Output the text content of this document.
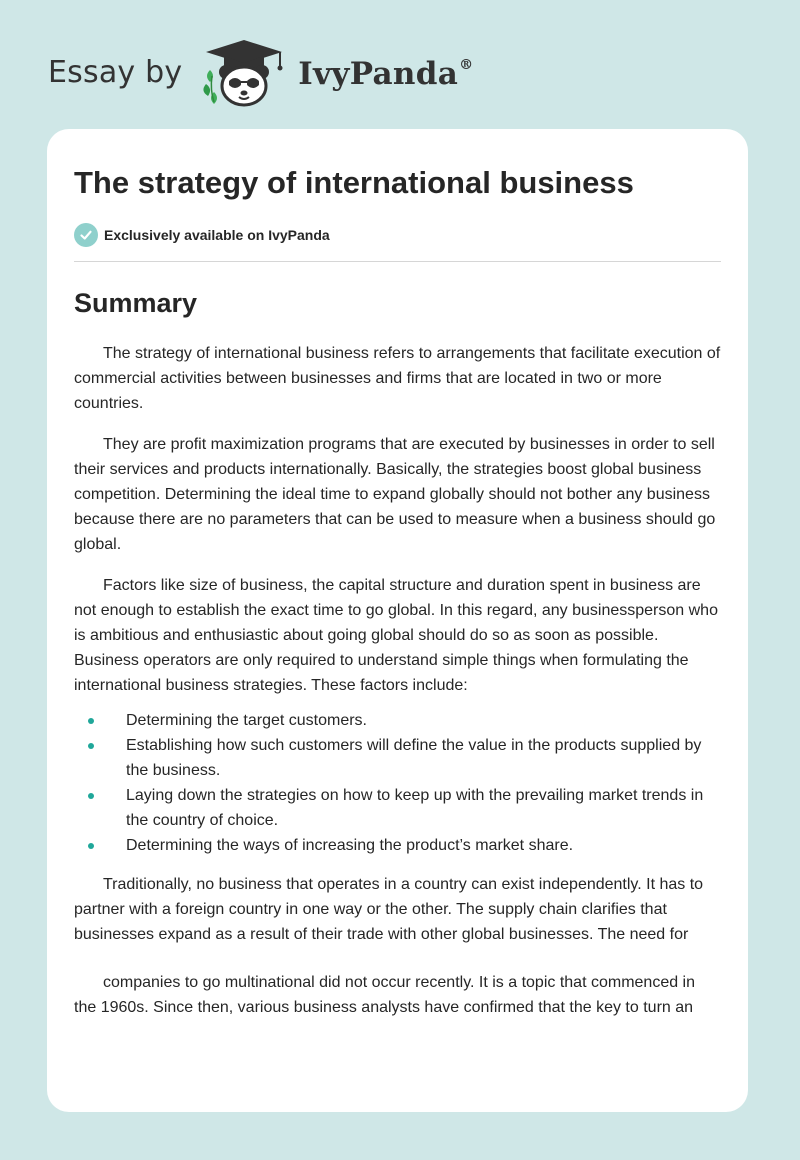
Essay by	IvyPanda®
The strategy of international business
Exclusively available on IvyPanda
Summary

The strategy of international business refers to arrangements that facilitate execution of commercial activities between businesses and firms that are located in two or more countries.

They are profit maximization programs that are executed by businesses in order to sell their services and products internationally. Basically, the strategies boost global business competition. Determining the ideal time to expand globally should not bother any business because there are no parameters that can be used to measure when a business should go global.

Factors like size of business, the capital structure and duration spent in business are not enough to establish the exact time to go global. In this regard, any businessperson who is ambitious and enthusiastic about going global should do so as soon as possible. Business operators are only required to understand simple things when formulating the international business strategies. These factors include:

Determining the target customers.
Establishing how such customers will define the value in the products supplied by the business.
Laying down the strategies on how to keep up with the prevailing market trends in the country of choice.
Determining the ways of increasing the product’s market share.

Traditionally, no business that operates in a country can exist independently. It has to partner with a foreign country in one way or the other. The supply chain clarifies that businesses expand as a result of their trade with other global businesses. The need for

companies to go multinational did not occur recently. It is a topic that commenced in the 1960s. Since then, various business analysts have confirmed that the key to turn an
